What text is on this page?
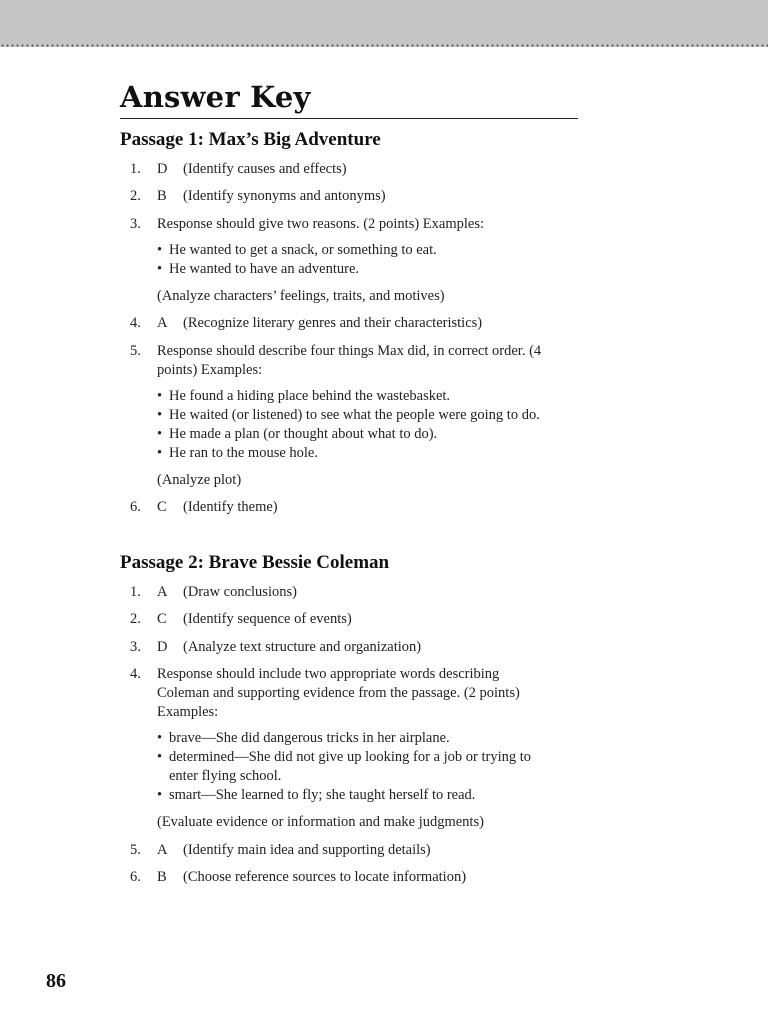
Answer Key
Passage 1: Max’s Big Adventure
1.	D (Identify causes and effects)
2.	B (Identify synonyms and antonyms)
3.	Response should give two reasons. (2 points) Examples:
• He wanted to get a snack, or something to eat.
• He wanted to have an adventure.
(Analyze characters’ feelings, traits, and motives)
4.	A (Recognize literary genres and their characteristics)
5.	Response should describe four things Max did, in correct order. (4 points) Examples:
• He found a hiding place behind the wastebasket.
• He waited (or listened) to see what the people were going to do.
• He made a plan (or thought about what to do).
• He ran to the mouse hole.
(Analyze plot)
6.	C (Identify theme)
Passage 2: Brave Bessie Coleman
1.	A (Draw conclusions)
2.	C (Identify sequence of events)
3.	D (Analyze text structure and organization)
4.	Response should include two appropriate words describing Coleman and supporting evidence from the passage. (2 points) Examples:
• brave—She did dangerous tricks in her airplane.
• determined—She did not give up looking for a job or trying to enter flying school.
• smart—She learned to fly; she taught herself to read.
(Evaluate evidence or information and make judgments)
5.	A (Identify main idea and supporting details)
6.	B (Choose reference sources to locate information)
86
